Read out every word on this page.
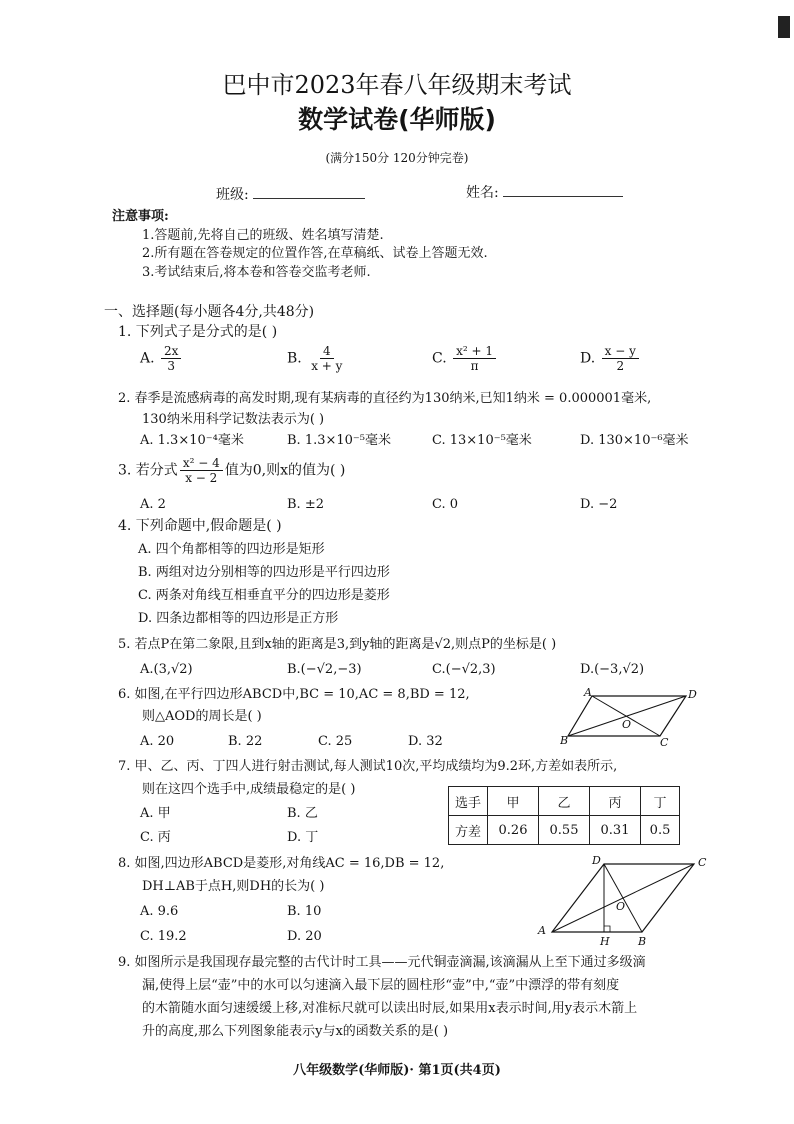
巴中市2023年春八年级期末考试
数学试卷(华师版)
(满分150分 120分钟完卷)
班级:	姓名:
注意事项:
1.答题前,先将自己的班级、姓名填写清楚.
2.所有题在答卷规定的位置作答,在草稿纸、试卷上答题无效.
3.考试结束后,将本卷和答卷交监考老师.
一、选择题(每小题各4分,共48分)
1. 下列式子是分式的是( )
A. $\frac{2x}{3}$	B. $\frac{4}{x + y}$	C. $\frac{\text{x² + 1}}{\pi}$	D. $\frac{x - y}{2}$
2. 春季是流感病毒的高发时期,现有某病毒的直径约为130纳米,已知1纳米 = 0.000001毫米,
130纳米用科学记数法表示为( )
A. 1.3×10⁻⁴毫米	B. 1.3×10⁻⁵毫米	C. 13×10⁻⁵毫米	D. 130×10⁻⁶毫米
3. 若分式 $\frac{\text{x² − 4}}{x - 2}$ 值为0,则x的值为( )
A. 2	B. ±2	C. 0	D. −2
4. 下列命题中,假命题是( )
A. 四个角都相等的四边形是矩形
B. 两组对边分别相等的四边形是平行四边形
C. 两条对角线互相垂直平分的四边形是菱形
D. 四条边都相等的四边形是正方形
5. 若点P在第二象限,且到x轴的距离是3,到y轴的距离是√2,则点P的坐标是( )
A.(3,√2)	B.(−√2,−3)	C.(−√2,3)	D.(−3,√2)
6. 如图,在平行四边形ABCD中,BC = 10,AC = 8,BD = 12,
则△AOD的周长是( )
A. 20	B. 22	C. 25	D. 32
A	D
B	C
O
7. 甲、乙、丙、丁四人进行射击测试,每人测试10次,平均成绩均为9.2环,方差如表所示,
则在这四个选手中,成绩最稳定的是( )
A. 甲	B. 乙
C. 丙	D. 丁
选手	甲	乙	丙	丁
方差	0.26	0.55	0.31	0.5
8. 如图,四边形ABCD是菱形,对角线AC = 16,DB = 12,
DH⊥AB于点H,则DH的长为( )
A. 9.6	B. 10
C. 19.2	D. 20
D	C
A
B
H
O
9. 如图所示是我国现存最完整的古代计时工具——元代铜壶滴漏,该滴漏从上至下通过多级滴
漏,使得上层“壶”中的水可以匀速滴入最下层的圆柱形“壶”中,“壶”中漂浮的带有刻度
的木箭随水面匀速缓缓上移,对准标尺就可以读出时辰,如果用x表示时间,用y表示木箭上
升的高度,那么下列图象能表示y与x的函数关系的是( )
八年级数学(华师版)· 第1页(共4页)
